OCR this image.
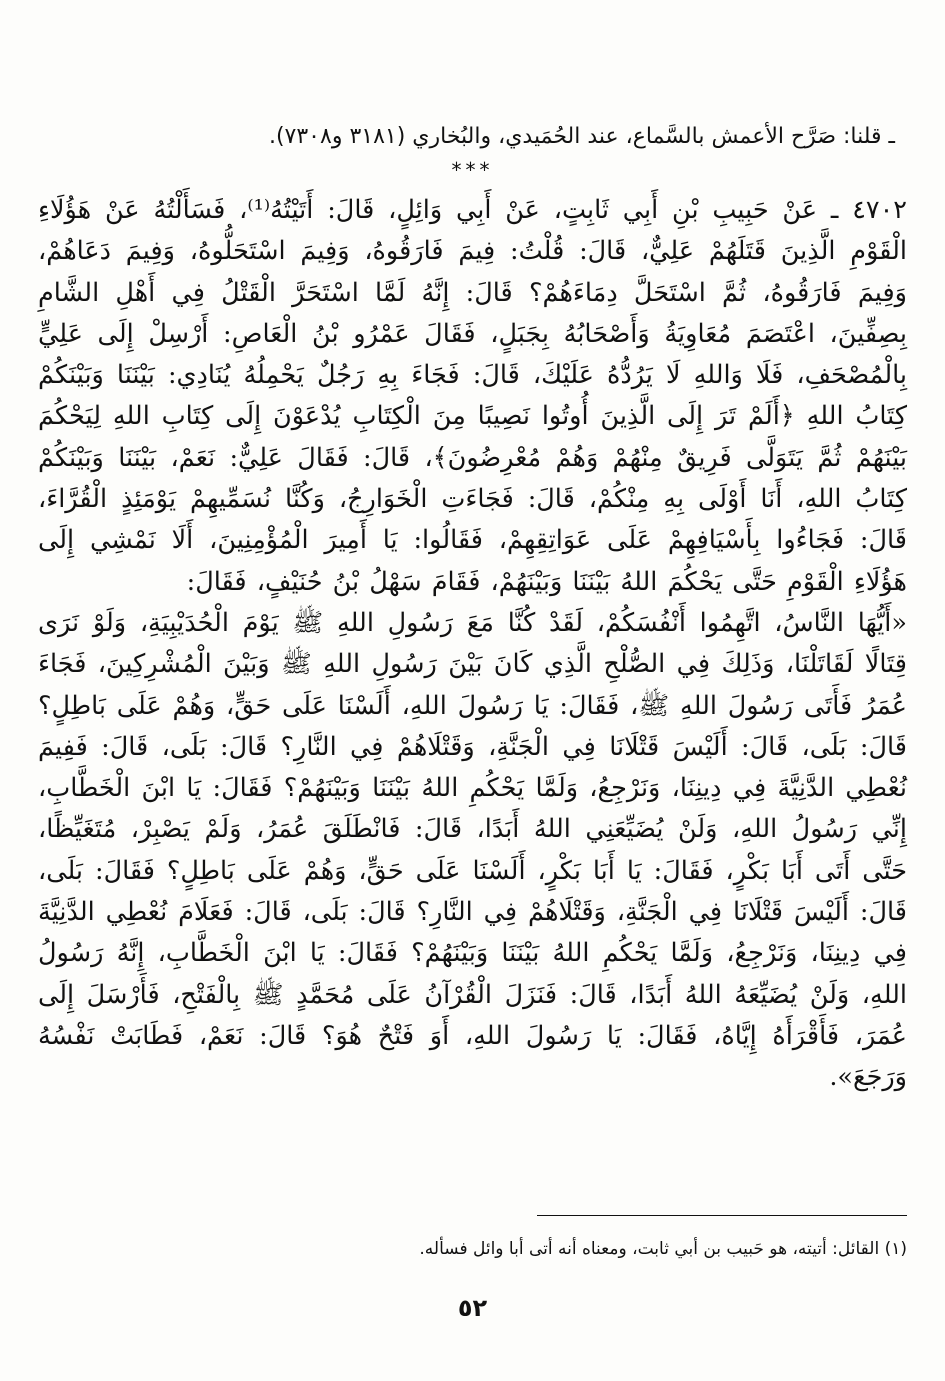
ـ قلنا: صَرَّح الأعمش بالسَّماع، عند الحُمَيدي، والبُخاري (٣١٨١ و٧٣٠٨).
***

٤٧٠٢ ـ عَنْ حَبِيبِ بْنِ أَبِي ثَابِتٍ، عَنْ أَبِي وَائِلٍ، قَالَ: أَتَيْتُهُ⁽¹⁾، فَسَأَلْتُهُ عَنْ هَؤُلَاءِ الْقَوْمِ الَّذِينَ قَتَلَهُمْ عَلِيٌّ، قَالَ: قُلْتُ: فِيمَ فَارَقُوهُ، وَفِيمَ اسْتَحَلُّوهُ، وَفِيمَ دَعَاهُمْ، وَفِيمَ فَارَقُوهُ، ثُمَّ اسْتَحَلَّ دِمَاءَهُمْ؟ قَالَ: إِنَّهُ لَمَّا اسْتَحَرَّ الْقَتْلُ فِي أَهْلِ الشَّامِ بِصِفِّينَ، اعْتَصَمَ مُعَاوِيَةُ وَأَصْحَابُهُ بِجَبَلٍ، فَقَالَ عَمْرُو بْنُ الْعَاصِ: أَرْسِلْ إِلَى عَلِيٍّ بِالْمُصْحَفِ، فَلَا وَاللهِ لَا يَرُدُّهُ عَلَيْكَ، قَالَ: فَجَاءَ بِهِ رَجُلٌ يَحْمِلُهُ يُنَادِي: بَيْنَنَا وَبَيْنَكُمْ كِتَابُ اللهِ ﴿أَلَمْ تَرَ إِلَى الَّذِينَ أُوتُوا نَصِيبًا مِنَ الْكِتَابِ يُدْعَوْنَ إِلَى كِتَابِ اللهِ لِيَحْكُمَ بَيْنَهُمْ ثُمَّ يَتَوَلَّى فَرِيقٌ مِنْهُمْ وَهُمْ مُعْرِضُونَ﴾، قَالَ: فَقَالَ عَلِيٌّ: نَعَمْ، بَيْنَنَا وَبَيْنَكُمْ كِتَابُ اللهِ، أَنَا أَوْلَى بِهِ مِنْكُمْ، قَالَ: فَجَاءَتِ الْخَوَارِجُ، وَكُنَّا نُسَمِّيهِمْ يَوْمَئِذٍ الْقُرَّاءَ، قَالَ: فَجَاءُوا بِأَسْيَافِهِمْ عَلَى عَوَاتِقِهِمْ، فَقَالُوا: يَا أَمِيرَ الْمُؤْمِنِينَ، أَلَا نَمْشِي إِلَى هَؤُلَاءِ الْقَوْمِ حَتَّى يَحْكُمَ اللهُ بَيْنَنَا وَبَيْنَهُمْ، فَقَامَ سَهْلُ بْنُ حُنَيْفٍ، فَقَالَ:

«أَيُّهَا النَّاسُ، اتَّهِمُوا أَنْفُسَكُمْ، لَقَدْ كُنَّا مَعَ رَسُولِ اللهِ ﷺ يَوْمَ الْحُدَيْبِيَةِ، وَلَوْ نَرَى قِتَالًا لَقَاتَلْنَا، وَذَلِكَ فِي الصُّلْحِ الَّذِي كَانَ بَيْنَ رَسُولِ اللهِ ﷺ وَبَيْنَ الْمُشْرِكِينَ، فَجَاءَ عُمَرُ فَأَتَى رَسُولَ اللهِ ﷺ، فَقَالَ: يَا رَسُولَ اللهِ، أَلَسْنَا عَلَى حَقٍّ، وَهُمْ عَلَى بَاطِلٍ؟ قَالَ: بَلَى، قَالَ: أَلَيْسَ قَتْلَانَا فِي الْجَنَّةِ، وَقَتْلَاهُمْ فِي النَّارِ؟ قَالَ: بَلَى، قَالَ: فَفِيمَ نُعْطِي الدَّنِيَّةَ فِي دِينِنَا، وَنَرْجِعُ، وَلَمَّا يَحْكُمِ اللهُ بَيْنَنَا وَبَيْنَهُمْ؟ فَقَالَ: يَا ابْنَ الْخَطَّابِ، إِنِّي رَسُولُ اللهِ، وَلَنْ يُضَيِّعَنِي اللهُ أَبَدًا، قَالَ: فَانْطَلَقَ عُمَرُ، وَلَمْ يَصْبِرْ، مُتَغَيِّظًا، حَتَّى أَتَى أَبَا بَكْرٍ، فَقَالَ: يَا أَبَا بَكْرٍ، أَلَسْنَا عَلَى حَقٍّ، وَهُمْ عَلَى بَاطِلٍ؟ فَقَالَ: بَلَى، قَالَ: أَلَيْسَ قَتْلَانَا فِي الْجَنَّةِ، وَقَتْلَاهُمْ فِي النَّارِ؟ قَالَ: بَلَى، قَالَ: فَعَلَامَ نُعْطِي الدَّنِيَّةَ فِي دِينِنَا، وَنَرْجِعُ، وَلَمَّا يَحْكُمِ اللهُ بَيْنَنَا وَبَيْنَهُمْ؟ فَقَالَ: يَا ابْنَ الْخَطَّابِ، إِنَّهُ رَسُولُ اللهِ، وَلَنْ يُضَيِّعَهُ اللهُ أَبَدًا، قَالَ: فَنَزَلَ الْقُرْآنُ عَلَى مُحَمَّدٍ ﷺ بِالْفَتْحِ، فَأَرْسَلَ إِلَى عُمَرَ، فَأَقْرَأَهُ إِيَّاهُ، فَقَالَ: يَا رَسُولَ اللهِ، أَوَ فَتْحٌ هُوَ؟ قَالَ: نَعَمْ، فَطَابَتْ نَفْسُهُ وَرَجَعَ».

(١) القائل: أتيته، هو حَبيب بن أبي ثابت، ومعناه أنه أتى أبا وائل فسأله.
٥٢
